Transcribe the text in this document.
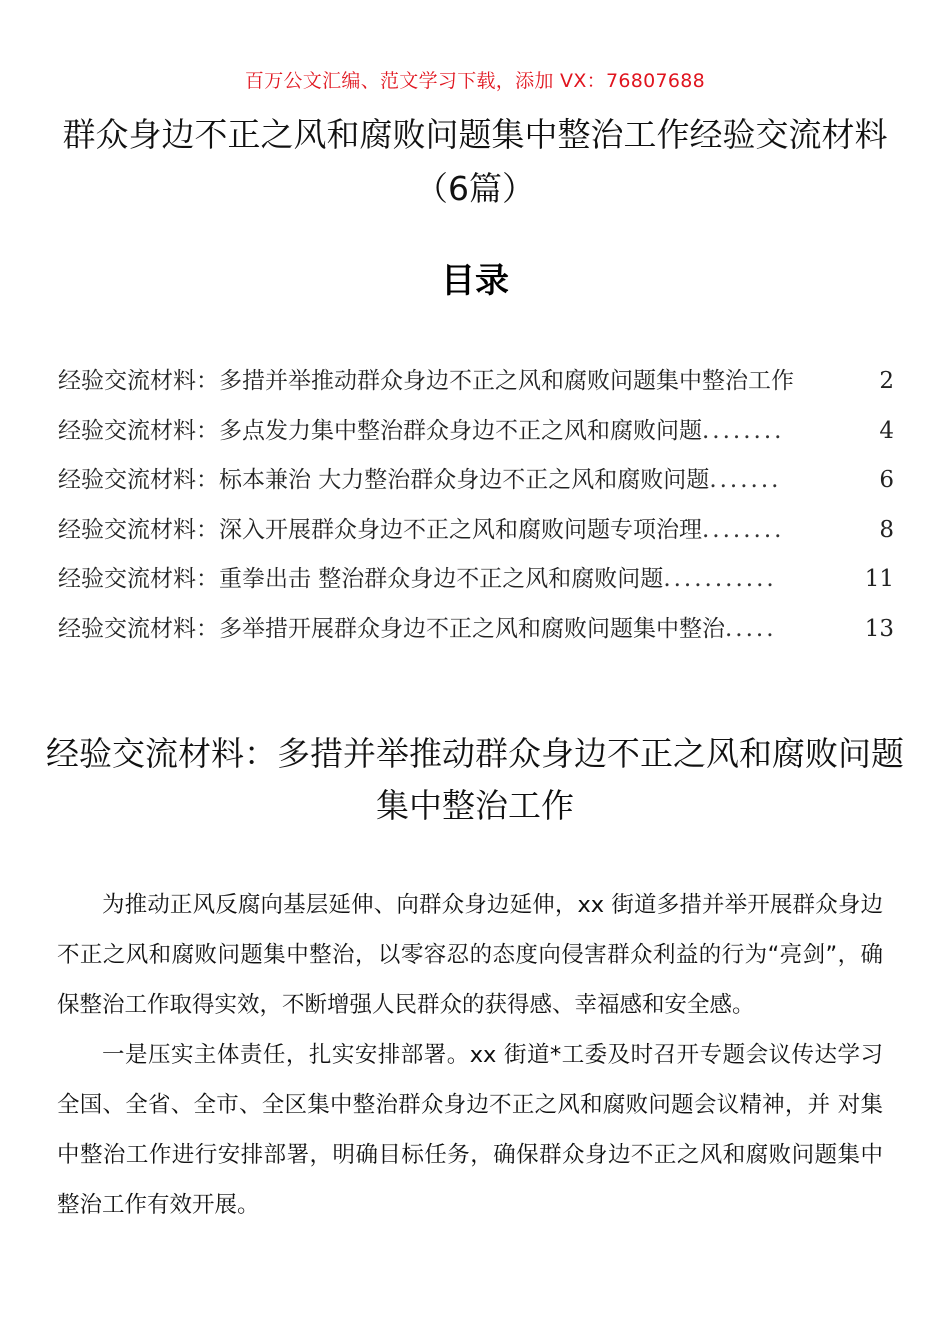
百万公文汇编、范文学习下载，添加 VX：76807688
群众身边不正之风和腐败问题集中整治工作经验交流材料（6篇）
目录
经验交流材料：多措并举推动群众身边不正之风和腐败问题集中整治工作	2
经验交流材料：多点发力集中整治群众身边不正之风和腐败问题 ........	4
经验交流材料：标本兼治 大力整治群众身边不正之风和腐败问题 .......	6
经验交流材料：深入开展群众身边不正之风和腐败问题专项治理 ........	8
经验交流材料：重拳出击 整治群众身边不正之风和腐败问题 ...........	11
经验交流材料：多举措开展群众身边不正之风和腐败问题集中整治 .....	13
经验交流材料：多措并举推动群众身边不正之风和腐败问题集中整治工作

为推动正风反腐向基层延伸、向群众身边延伸，xx 街道多措并举开展群众身边不正之风和腐败问题集中整治，以零容忍的态度向侵害群众利益的行为“亮剑”，确保整治工作取得实效，不断增强人民群众的获得感、幸福感和安全感。

一是压实主体责任，扎实安排部署。xx 街道*工委及时召开专题会议传达学习全国、全省、全市、全区集中整治群众身边不正之风和腐败问题会议精神，并 对集中整治工作进行安排部署，明确目标任务，确保群众身边不正之风和腐败问题集中整治工作有效开展。
